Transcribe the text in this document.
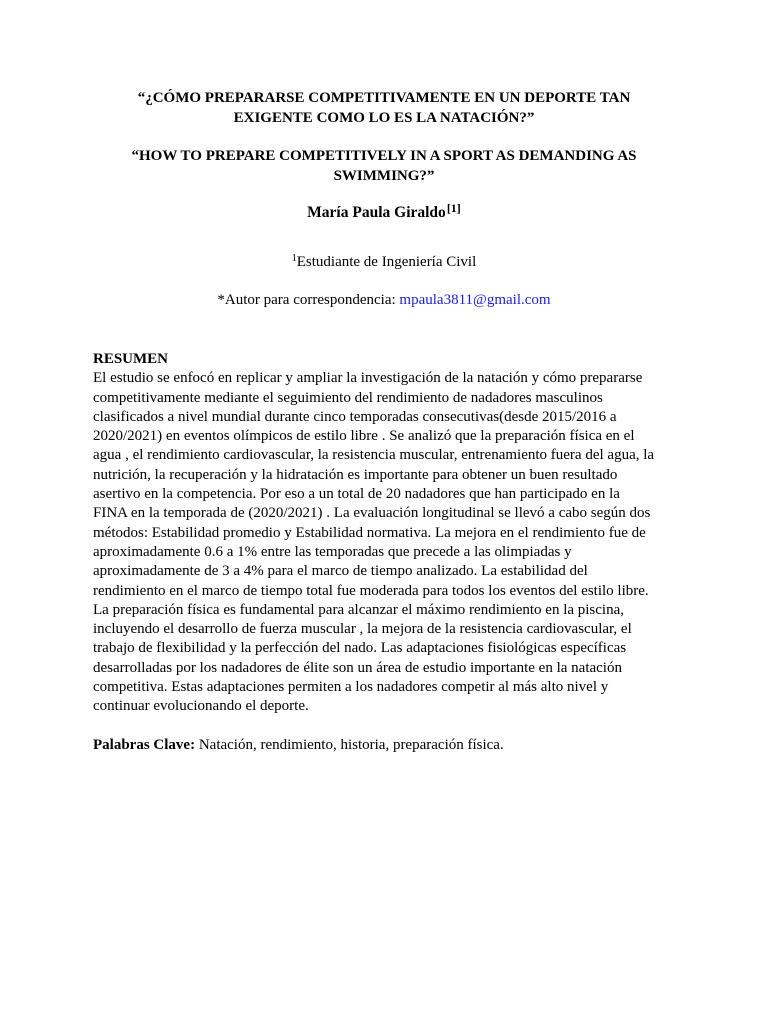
“¿CÓMO PREPARARSE COMPETITIVAMENTE EN UN DEPORTE TAN EXIGENTE COMO LO ES LA NATACIÓN?”
“HOW TO PREPARE COMPETITIVELY IN A SPORT AS DEMANDING AS SWIMMING?”
María Paula Giraldo[1]
$^1$Estudiante de Ingeniería Civil
*Autor para correspondencia: mpaula3811@gmail.com
RESUMEN
El estudio se enfocó en replicar y ampliar la investigación de la natación y cómo prepararse
competitivamente mediante el seguimiento del rendimiento de nadadores masculinos
clasificados a nivel mundial durante cinco temporadas consecutivas(desde 2015/2016 a
2020/2021) en eventos olímpicos de estilo libre . Se analizó que la preparación física en el
agua , el rendimiento cardiovascular, la resistencia muscular, entrenamiento fuera del agua, la
nutrición, la recuperación y la hidratación es importante para obtener un buen resultado
asertivo en la competencia. Por eso a un total de 20 nadadores que han participado en la
FINA en la temporada de (2020/2021) . La evaluación longitudinal se llevó a cabo según dos
métodos: Estabilidad promedio y Estabilidad normativa. La mejora en el rendimiento fue de
aproximadamente 0.6 a 1% entre las temporadas que precede a las olimpiadas y
aproximadamente de 3 a 4% para el marco de tiempo analizado. La estabilidad del
rendimiento en el marco de tiempo total fue moderada para todos los eventos del estilo libre.
La preparación física es fundamental para alcanzar el máximo rendimiento en la piscina,
incluyendo el desarrollo de fuerza muscular , la mejora de la resistencia cardiovascular, el
trabajo de flexibilidad y la perfección del nado. Las adaptaciones fisiológicas específicas
desarrolladas por los nadadores de élite son un área de estudio importante en la natación
competitiva. Estas adaptaciones permiten a los nadadores competir al más alto nivel y
continuar evolucionando el deporte.
Palabras Clave: Natación, rendimiento, historia, preparación física.
